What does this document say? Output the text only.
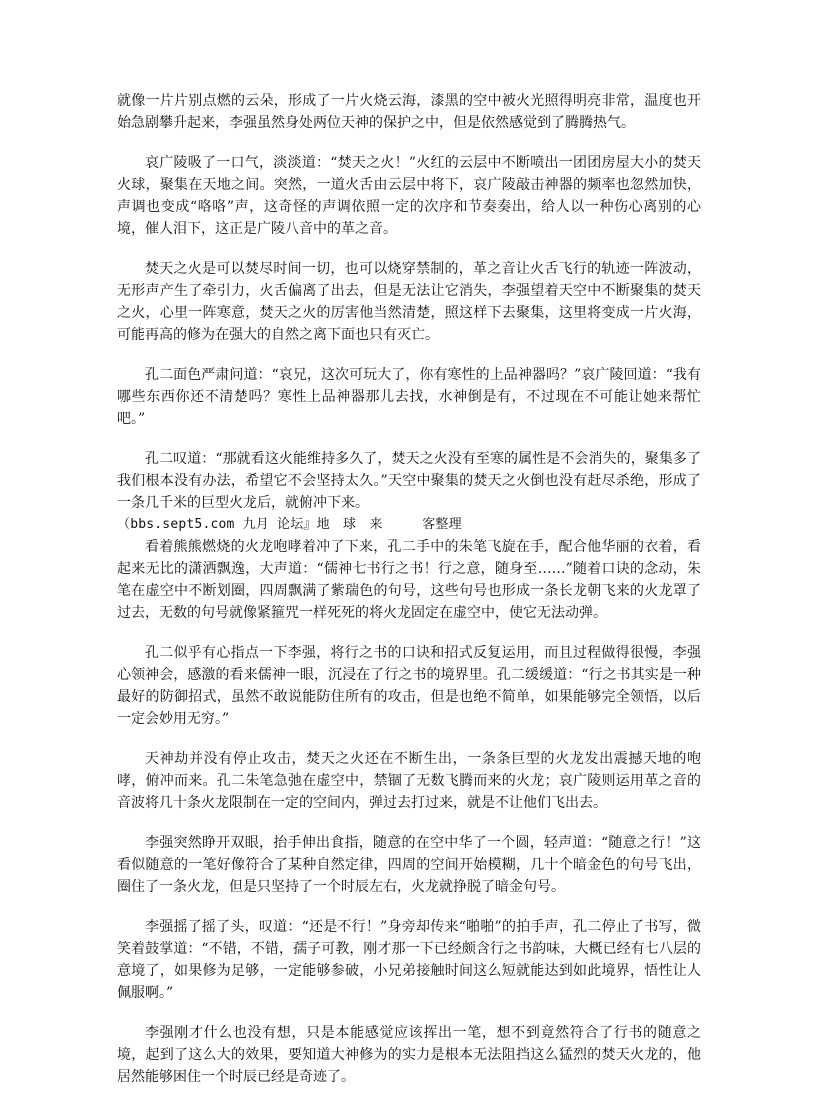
就像一片片别点燃的云朵，形成了一片火烧云海，漆黑的空中被火光照得明亮非常，温度也开始急剧攀升起来，李强虽然身处两位天神的保护之中，但是依然感觉到了腾腾热气。

哀广陵吸了一口气，淡淡道：“焚天之火！”火红的云层中不断喷出一团团房屋大小的焚天火球，聚集在天地之间。突然，一道火舌由云层中将下，哀广陵敲击神器的频率也忽然加快，声调也变成“咯咯”声，这奇怪的声调依照一定的次序和节奏奏出，给人以一种伤心离别的心境，催人泪下，这正是广陵八音中的革之音。

焚天之火是可以焚尽时间一切，也可以烧穿禁制的，革之音让火舌飞行的轨迹一阵波动，无形声产生了牵引力，火舌偏离了出去，但是无法让它消失，李强望着天空中不断聚集的焚天之火，心里一阵寒意，焚天之火的厉害他当然清楚，照这样下去聚集，这里将变成一片火海，可能再高的修为在强大的自然之离下面也只有灭亡。

孔二面色严肃问道：“哀兄，这次可玩大了，你有寒性的上品神器吗？”哀广陵回道：“我有哪些东西你还不清楚吗？寒性上品神器那儿去找，水神倒是有，不过现在不可能让她来帮忙吧。”

孔二叹道：“那就看这火能维持多久了，焚天之火没有至寒的属性是不会消失的，聚集多了我们根本没有办法，希望它不会坚持太久。”天空中聚集的焚天之火倒也没有赶尽杀绝，形成了一条几千米的巨型火龙后，就俯冲下来。

（bbs.sept5.com 九月 论坛』地　球　来　　　客整理

看着熊熊燃烧的火龙咆哮着冲了下来，孔二手中的朱笔飞旋在手，配合他华丽的衣着，看起来无比的潇洒飘逸，大声道：“儒神七书行之书！行之意，随身至……”随着口诀的念动，朱笔在虚空中不断划圈，四周飘满了紫瑞色的句号，这些句号也形成一条长龙朝飞来的火龙罩了过去，无数的句号就像紧箍咒一样死死的将火龙固定在虚空中，使它无法动弹。

孔二似乎有心指点一下李强，将行之书的口诀和招式反复运用，而且过程做得很慢，李强心领神会，感激的看来儒神一眼，沉浸在了行之书的境界里。孔二缓缓道：“行之书其实是一种最好的防御招式，虽然不敢说能防住所有的攻击，但是也绝不简单，如果能够完全领悟，以后一定会妙用无穷。”

天神劫并没有停止攻击，焚天之火还在不断生出，一条条巨型的火龙发出震撼天地的咆哮，俯冲而来。孔二朱笔急弛在虚空中，禁锢了无数飞腾而来的火龙；哀广陵则运用革之音的音波将几十条火龙限制在一定的空间内，弹过去打过来，就是不让他们飞出去。

李强突然睁开双眼，抬手伸出食指，随意的在空中华了一个圆，轻声道：“随意之行！”这看似随意的一笔好像符合了某种自然定律，四周的空间开始模糊，几十个暗金色的句号飞出，圈住了一条火龙，但是只坚持了一个时辰左右，火龙就挣脱了暗金句号。

李强摇了摇了头，叹道：“还是不行！”身旁却传来“啪啪”的拍手声，孔二停止了书写，微笑着鼓掌道：“不错，不错，孺子可教，刚才那一下已经颇含行之书韵味，大概已经有七八层的意境了，如果修为足够，一定能够参破，小兄弟接触时间这么短就能达到如此境界，悟性让人佩服啊。”

李强刚才什么也没有想，只是本能感觉应该挥出一笔，想不到竟然符合了行书的随意之境，起到了这么大的效果，要知道大神修为的实力是根本无法阻挡这么猛烈的焚天火龙的，他居然能够困住一个时辰已经是奇迹了。
